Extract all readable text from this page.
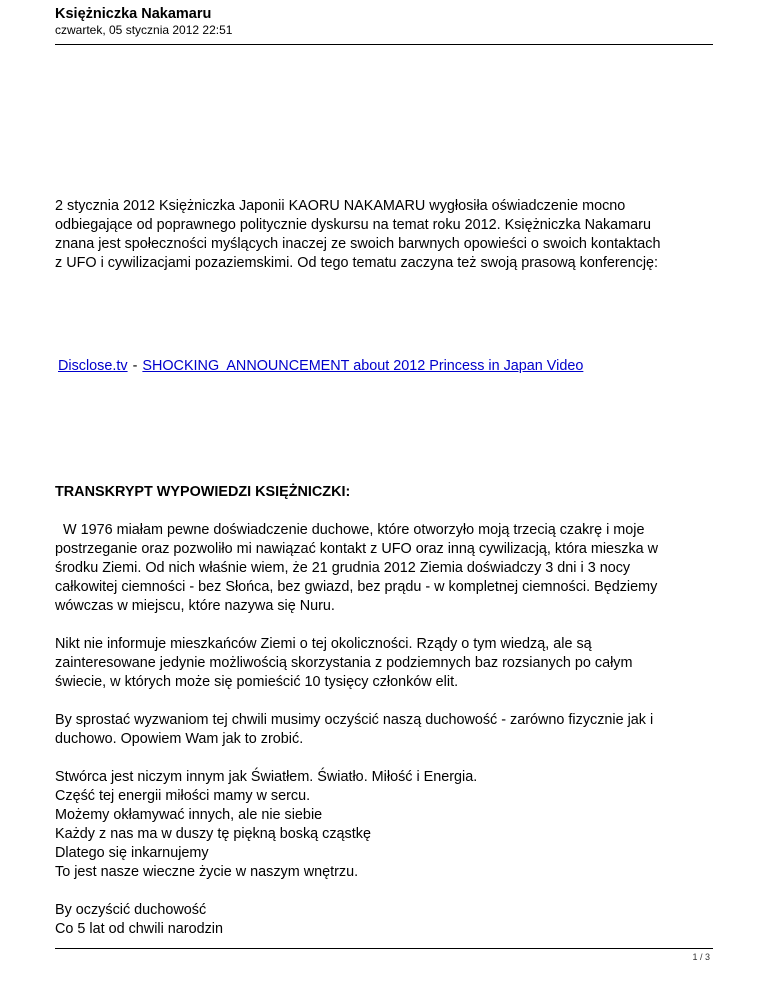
Księżniczka Nakamaru
czwartek, 05 stycznia 2012 22:51
2 stycznia 2012 Księżniczka Japonii KAORU NAKAMARU wygłosiła oświadczenie mocno
odbiegające od poprawnego politycznie dyskursu na temat roku 2012. Księżniczka Nakamaru
znana jest społeczności myślących inaczej ze swoich barwnych opowieści o swoich kontaktach
z UFO i cywilizacjami pozaziemskimi. Od tego tematu zaczyna też swoją prasową konferencję:
Disclose.tv - SHOCKING  ANNOUNCEMENT about 2012 Princess in Japan Video

TRANSKRYPT WYPOWIEDZI KSIĘŻNICZKI:

W 1976 miałam pewne doświadczenie duchowe, które otworzyło moją trzecią czakrę i moje
postrzeganie oraz pozwoliło mi nawiązać kontakt z UFO oraz inną cywilizacją, która mieszka w
środku Ziemi. Od nich właśnie wiem, że 21 grudnia 2012 Ziemia doświadczy 3 dni i 3 nocy
całkowitej ciemności - bez Słońca, bez gwiazd, bez prądu - w kompletnej ciemności. Będziemy
wówczas w miejscu, które nazywa się Nuru.

Nikt nie informuje mieszkańców Ziemi o tej okoliczności. Rządy o tym wiedzą, ale są
zainteresowane jedynie możliwością skorzystania z podziemnych baz rozsianych po całym
świecie, w których może się pomieścić 10 tysięcy członków elit.

By sprostać wyzwaniom tej chwili musimy oczyścić naszą duchowość - zarówno fizycznie jak i
duchowo. Opowiem Wam jak to zrobić.

Stwórca jest niczym innym jak Światłem. Światło. Miłość i Energia.
Część tej energii miłości mamy w sercu.
Możemy okłamywać innych, ale nie siebie
Każdy z nas ma w duszy tę piękną boską cząstkę
Dlatego się inkarnujemy
To jest nasze wieczne życie w naszym wnętrzu.

By oczyścić duchowość
Co 5 lat od chwili narodzin

1 / 3
